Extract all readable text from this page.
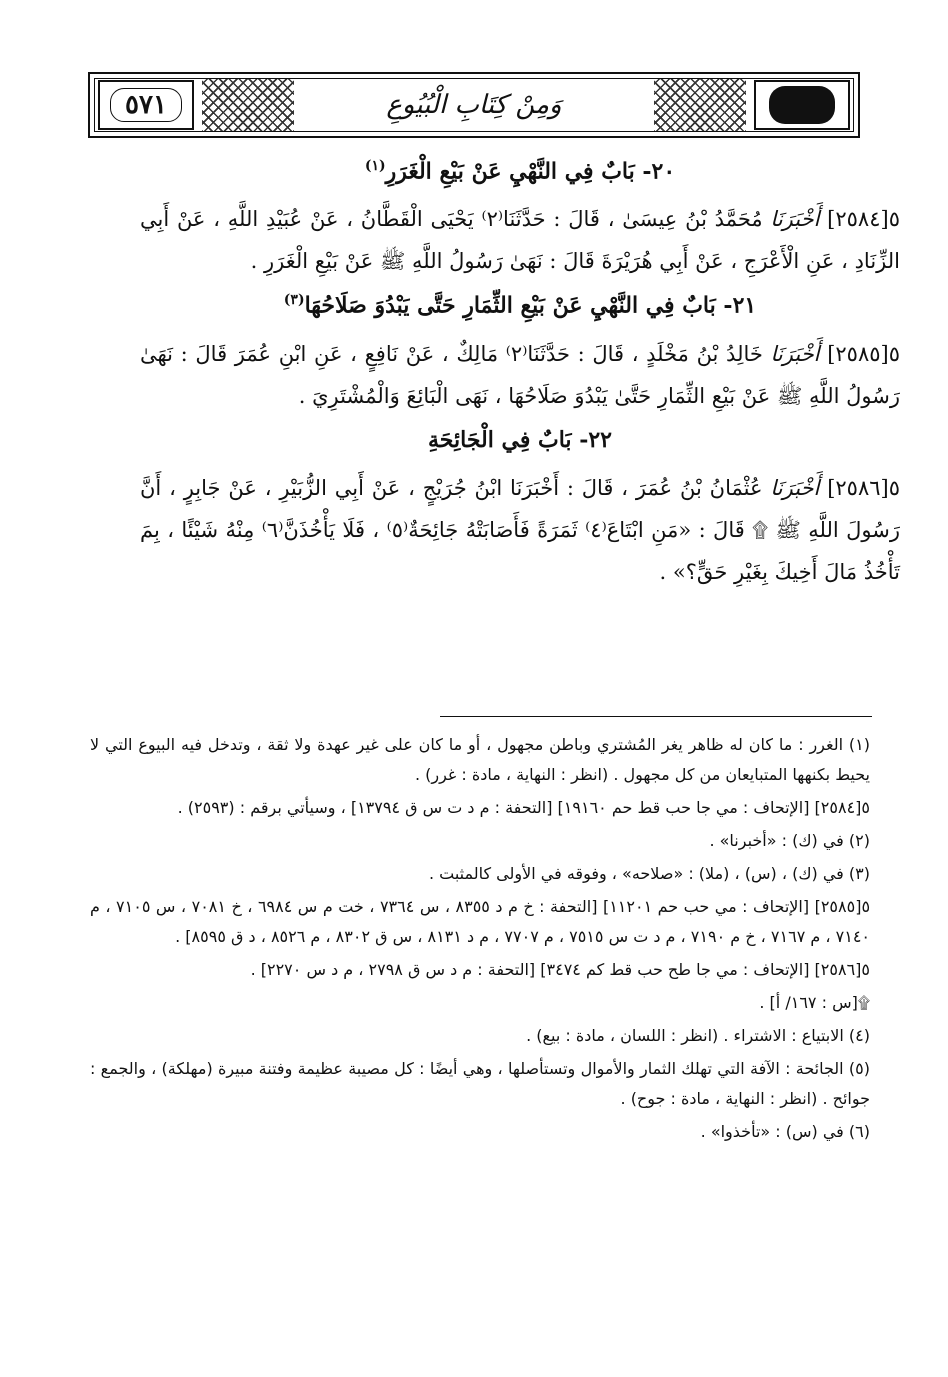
٥٧١	وَمِنْ كِتَابِ الْبُيُوعِ
٢٠- بَابٌ فِي النَّهْيِ عَنْ بَيْعِ الْغَرَرِ$^{(١)}$

٥[٢٥٨٤] أَخْبَرَنَا مُحَمَّدُ بْنُ عِيسَىٰ ، قَالَ : حَدَّثَنَا⁽٢⁾ يَحْيَى الْقَطَّانُ ، عَنْ عُبَيْدِ اللَّهِ ، عَنْ أَبِي الزِّنَادِ ، عَنِ الْأَعْرَجِ ، عَنْ أَبِي هُرَيْرَةَ قَالَ : نَهَىٰ رَسُولُ اللَّهِ ﷺ عَنْ بَيْعِ الْغَرَرِ .

٢١- بَابٌ فِي النَّهْيِ عَنْ بَيْعِ الثِّمَارِ حَتَّى يَبْدُوَ صَلَاحُهَا$^{(٣)}$

٥[٢٥٨٥] أَخْبَرَنَا خَالِدُ بْنُ مَخْلَدٍ ، قَالَ : حَدَّثَنَا⁽٢⁾ مَالِكٌ ، عَنْ نَافِعٍ ، عَنِ ابْنِ عُمَرَ قَالَ : نَهَىٰ رَسُولُ اللَّهِ ﷺ عَنْ بَيْعِ الثِّمَارِ حَتَّىٰ يَبْدُوَ صَلَاحُهَا ، نَهَى الْبَائِعَ وَالْمُشْتَرِيَ .

٢٢- بَابٌ فِي الْجَائِحَةِ

٥[٢٥٨٦] أَخْبَرَنَا عُثْمَانُ بْنُ عُمَرَ ، قَالَ : أَخْبَرَنَا ابْنُ جُرَيْجٍ ، عَنْ أَبِي الزُّبَيْرِ ، عَنْ جَابِرٍ ، أَنَّ رَسُولَ اللَّهِ ﷺ ۩ قَالَ : «مَنِ ابْتَاعَ⁽٤⁾ ثَمَرَةً فَأَصَابَتْهُ جَائِحَةٌ⁽٥⁾ ، فَلَا يَأْخُذَنَّ⁽٦⁾ مِنْهُ شَيْئًا ، بِمَ تَأْخُذُ مَالَ أَخِيكَ بِغَيْرِ حَقٍّ؟» .

(١) الغرر : ما كان له ظاهر يغر المُشتري وباطن مجهول ، أو ما كان على غير عهدة ولا ثقة ، وتدخل فيه البيوع التي لا يحيط بكنهها المتبايعان من كل مجهول . (انظر : النهاية ، مادة : غرر) .

٥[٢٥٨٤] [الإتحاف : مي جا حب قط حم ١٩١٦٠] [التحفة : م د ت س ق ١٣٧٩٤] ، وسيأتي برقم : (٢٥٩٣) .

(٢) في (ك) : «أخبرنا» .

(٣) في (ك) ، (س) ، (ملا) : «صلاحه» ، وفوقه في الأولى كالمثبت .

٥[٢٥٨٥] [الإتحاف : مي حب حم ١١٢٠١] [التحفة : خ م د ٨٣٥٥ ، س ٧٣٦٤ ، خت م س ٦٩٨٤ ، خ ٧٠٨١ ، س ٧١٠٥ ، م ٧١٤٠ ، م ٧١٦٧ ، خ م ٧١٩٠ ، م د ت س ٧٥١٥ ، م ٧٧٠٧ ، م د ٨١٣١ ، س ق ٨٣٠٢ ، م ٨٥٢٦ ، د ق ٨٥٩٥] .

٥[٢٥٨٦] [الإتحاف : مي جا طح حب قط كم ٣٤٧٤] [التحفة : م د س ق ٢٧٩٨ ، م د س ٢٢٧٠] .

۩[س : ١٦٧/ أ] .

(٤) الابتياع : الاشتراء . (انظر : اللسان ، مادة : بيع) .

(٥) الجائحة : الآفة التي تهلك الثمار والأموال وتستأصلها ، وهي أيضًا : كل مصيبة عظيمة وفتنة مبيرة (مهلكة) ، والجمع : جوائح . (انظر : النهاية ، مادة : جوح) .

(٦) في (س) : «تأخذوا» .
